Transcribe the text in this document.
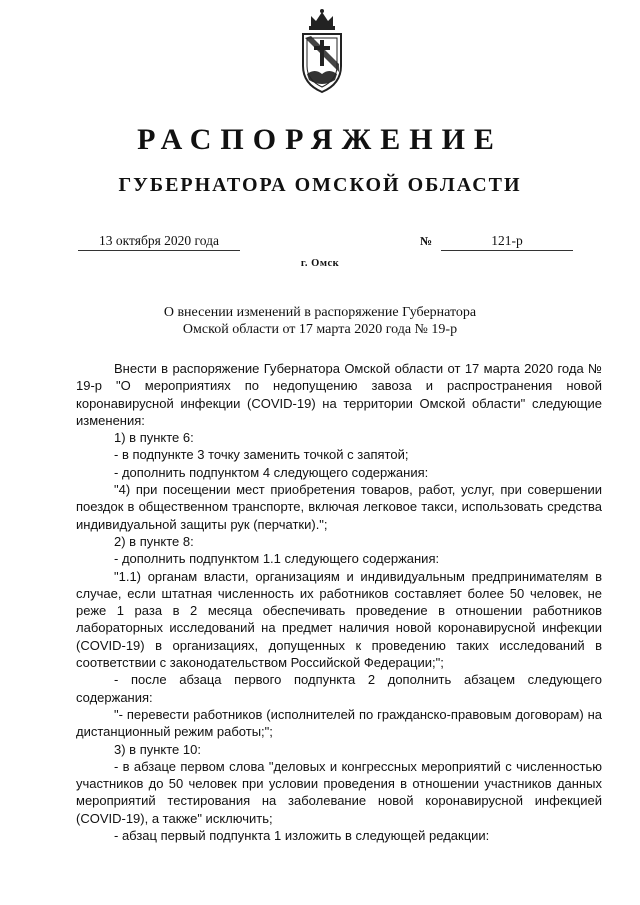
РАСПОРЯЖЕНИЕ
ГУБЕРНАТОРА ОМСКОЙ ОБЛАСТИ
13 октября 2020 года	№	121-р
г. Омск
О внесении изменений в распоряжение Губернатора
Омской области от 17 марта 2020 года № 19-р

Внести в распоряжение Губернатора Омской области от 17 марта 2020 года № 19-р "О мероприятиях по недопущению завоза и распространения новой коронавирусной инфекции (COVID-19) на территории Омской области" следующие изменения:

1) в пункте 6:

- в подпункте 3 точку заменить точкой с запятой;

- дополнить подпунктом 4 следующего содержания:

"4) при посещении мест приобретения товаров, работ, услуг, при совершении поездок в общественном транспорте, включая легковое такси, использовать средства индивидуальной защиты рук (перчатки).";

2) в пункте 8:

- дополнить подпунктом 1.1 следующего содержания:

"1.1) органам власти, организациям и индивидуальным предпринимателям в случае, если штатная численность их работников составляет более 50 человек, не реже 1 раза в 2 месяца обеспечивать проведение в отношении работников лабораторных исследований на предмет наличия новой коронавирусной инфекции (COVID-19) в организациях, допущенных к проведению таких исследований в соответствии с законодательством Российской Федерации;";

- после абзаца первого подпункта 2 дополнить абзацем следующего содержания:

"- перевести работников (исполнителей по гражданско-правовым договорам) на дистанционный режим работы;";

3) в пункте 10:

- в абзаце первом слова "деловых и конгрессных мероприятий с численностью участников до 50 человек при условии проведения в отношении участников данных мероприятий тестирования на заболевание новой коронавирусной инфекцией (COVID-19), а также" исключить;

- абзац первый подпункта 1 изложить в следующей редакции:
